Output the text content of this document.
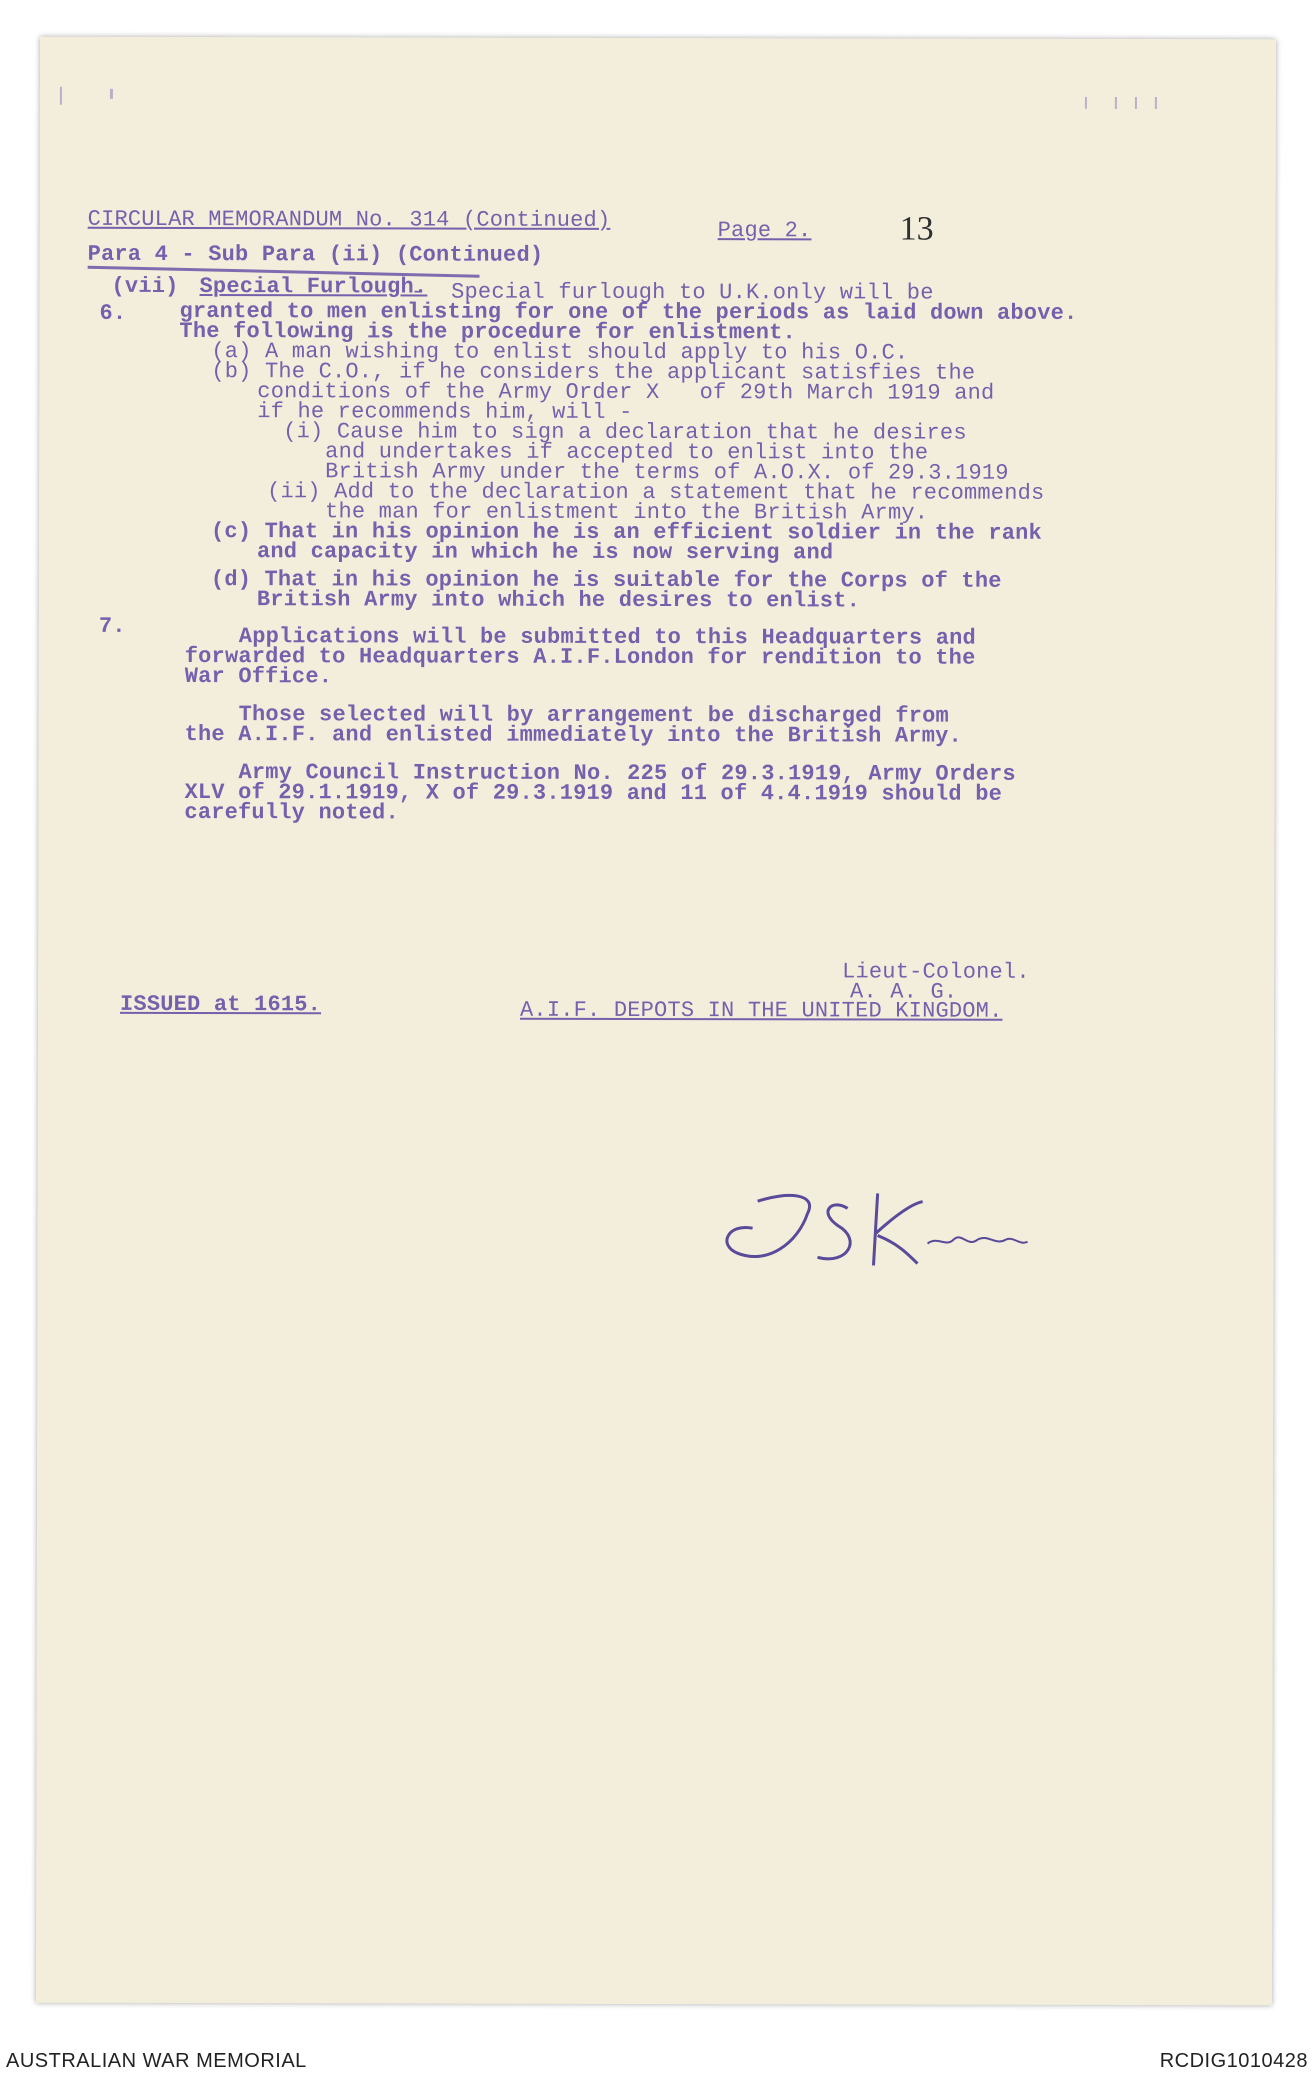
CIRCULAR MEMORANDUM No. 314 (Continued)	Page 2.	13
Para 4 - Sub Para (ii) (Continued)
(vii) Special Furlough.
-  Special furlough to U.K.only will be
granted to men enlisting for one of the periods as laid down above.
6.
The following is the procedure for enlistment.
(a) A man wishing to enlist should apply to his O.C.
(b) The C.O., if he considers the applicant satisfies the
conditions of the Army Order X   of 29th March 1919 and
if he recommends him, will -
(i) Cause him to sign a declaration that he desires
and undertakes if accepted to enlist into the
British Army under the terms of A.O.X. of 29.3.1919
(ii) Add to the declaration a statement that he recommends
the man for enlistment into the British Army.
(c) That in his opinion he is an efficient soldier in the rank
and capacity in which he is now serving and
(d) That in his opinion he is suitable for the Corps of the
British Army into which he desires to enlist.
7.	Applications will be submitted to this Headquarters and
forwarded to Headquarters A.I.F.London for rendition to the
War Office.
Those selected will by arrangement be discharged from
the A.I.F. and enlisted immediately into the British Army.
Army Council Instruction No. 225 of 29.3.1919, Army Orders
XLV of 29.1.1919, X of 29.3.1919 and 11 of 4.4.1919 should be
carefully noted.
Lieut-Colonel.
A. A. G.
ISSUED at 1615.	A.I.F. DEPOTS IN THE UNITED KINGDOM.
AUSTRALIAN WAR MEMORIAL	RCDIG1010428
